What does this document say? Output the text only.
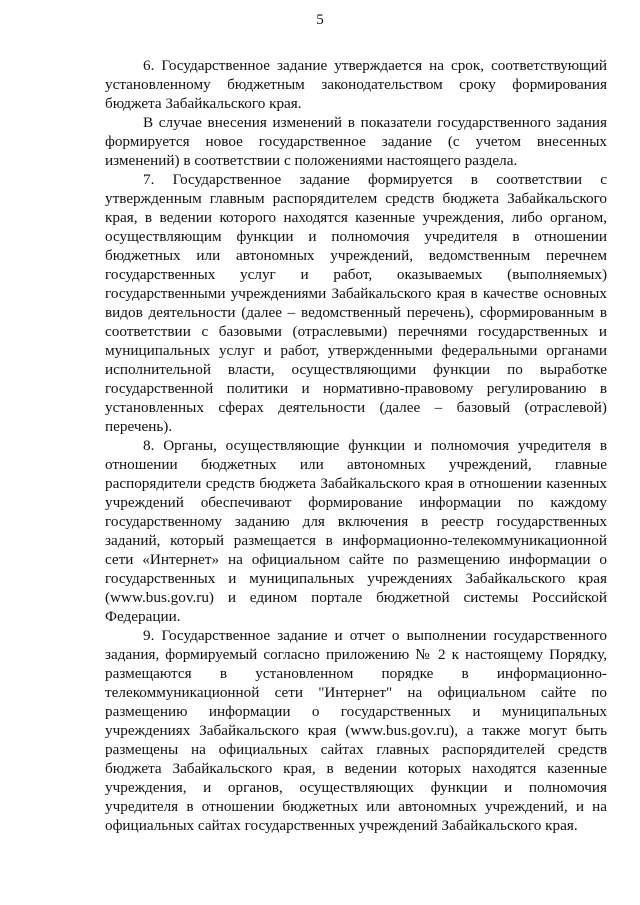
5

6. Государственное задание утверждается на срок, соответствующий установленному бюджетным законодательством сроку формирования бюджета Забайкальского края.

В случае внесения изменений в показатели государственного задания формируется новое государственное задание (с учетом внесенных изменений) в соответствии с положениями настоящего раздела.

7. Государственное задание формируется в соответствии с утвержденным главным распорядителем средств бюджета Забайкальского края, в ведении которого находятся казенные учреждения, либо органом, осуществляющим функции и полномочия учредителя в отношении бюджетных или автономных учреждений, ведомственным перечнем государственных услуг и работ, оказываемых (выполняемых) государственными учреждениями Забайкальского края в качестве основных видов деятельности (далее – ведомственный перечень), сформированным в соответствии с базовыми (отраслевыми) перечнями государственных и муниципальных услуг и работ, утвержденными федеральными органами исполнительной власти, осуществляющими функции по выработке государственной политики и нормативно-правовому регулированию в установленных сферах деятельности (далее – базовый (отраслевой) перечень).

8. Органы, осуществляющие функции и полномочия учредителя в отношении бюджетных или автономных учреждений, главные распорядители средств бюджета Забайкальского края в отношении казенных учреждений обеспечивают формирование информации по каждому государственному заданию для включения в реестр государственных заданий, который размещается в информационно-телекоммуникационной сети «Интернет» на официальном сайте по размещению информации о государственных и муниципальных учреждениях Забайкальского края (www.bus.gov.ru) и едином портале бюджетной системы Российской Федерации.

9. Государственное задание и отчет о выполнении государственного задания, формируемый согласно приложению № 2 к настоящему Порядку, размещаются в установленном порядке в информационно-телекоммуникационной сети "Интернет" на официальном сайте по размещению информации о государственных и муниципальных учреждениях Забайкальского края (www.bus.gov.ru), а также могут быть размещены на официальных сайтах главных распорядителей средств бюджета Забайкальского края, в ведении которых находятся казенные учреждения, и органов, осуществляющих функции и полномочия учредителя в отношении бюджетных или автономных учреждений, и на официальных сайтах государственных учреждений Забайкальского края.
